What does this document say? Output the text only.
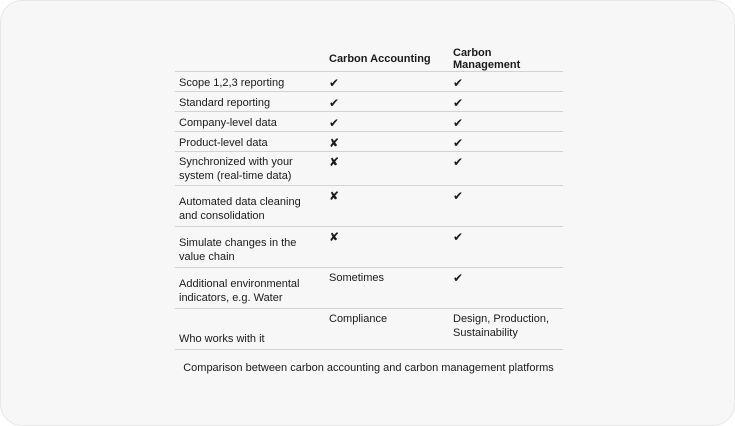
	Carbon Accounting	Carbon Management
Scope 1,2,3 reporting	✔	✔
Standard reporting	✔	✔
Company-level data	✔	✔
Product-level data	✘	✔
Synchronized with your system (real-time data)	✘	✔
Automated data cleaning and consolidation	✘	✔
Simulate changes in the value chain	✘	✔
Additional environmental indicators, e.g. Water	Sometimes	✔
Who works with it	Compliance	Design, Production, Sustainability
Comparison between carbon accounting and carbon management platforms
